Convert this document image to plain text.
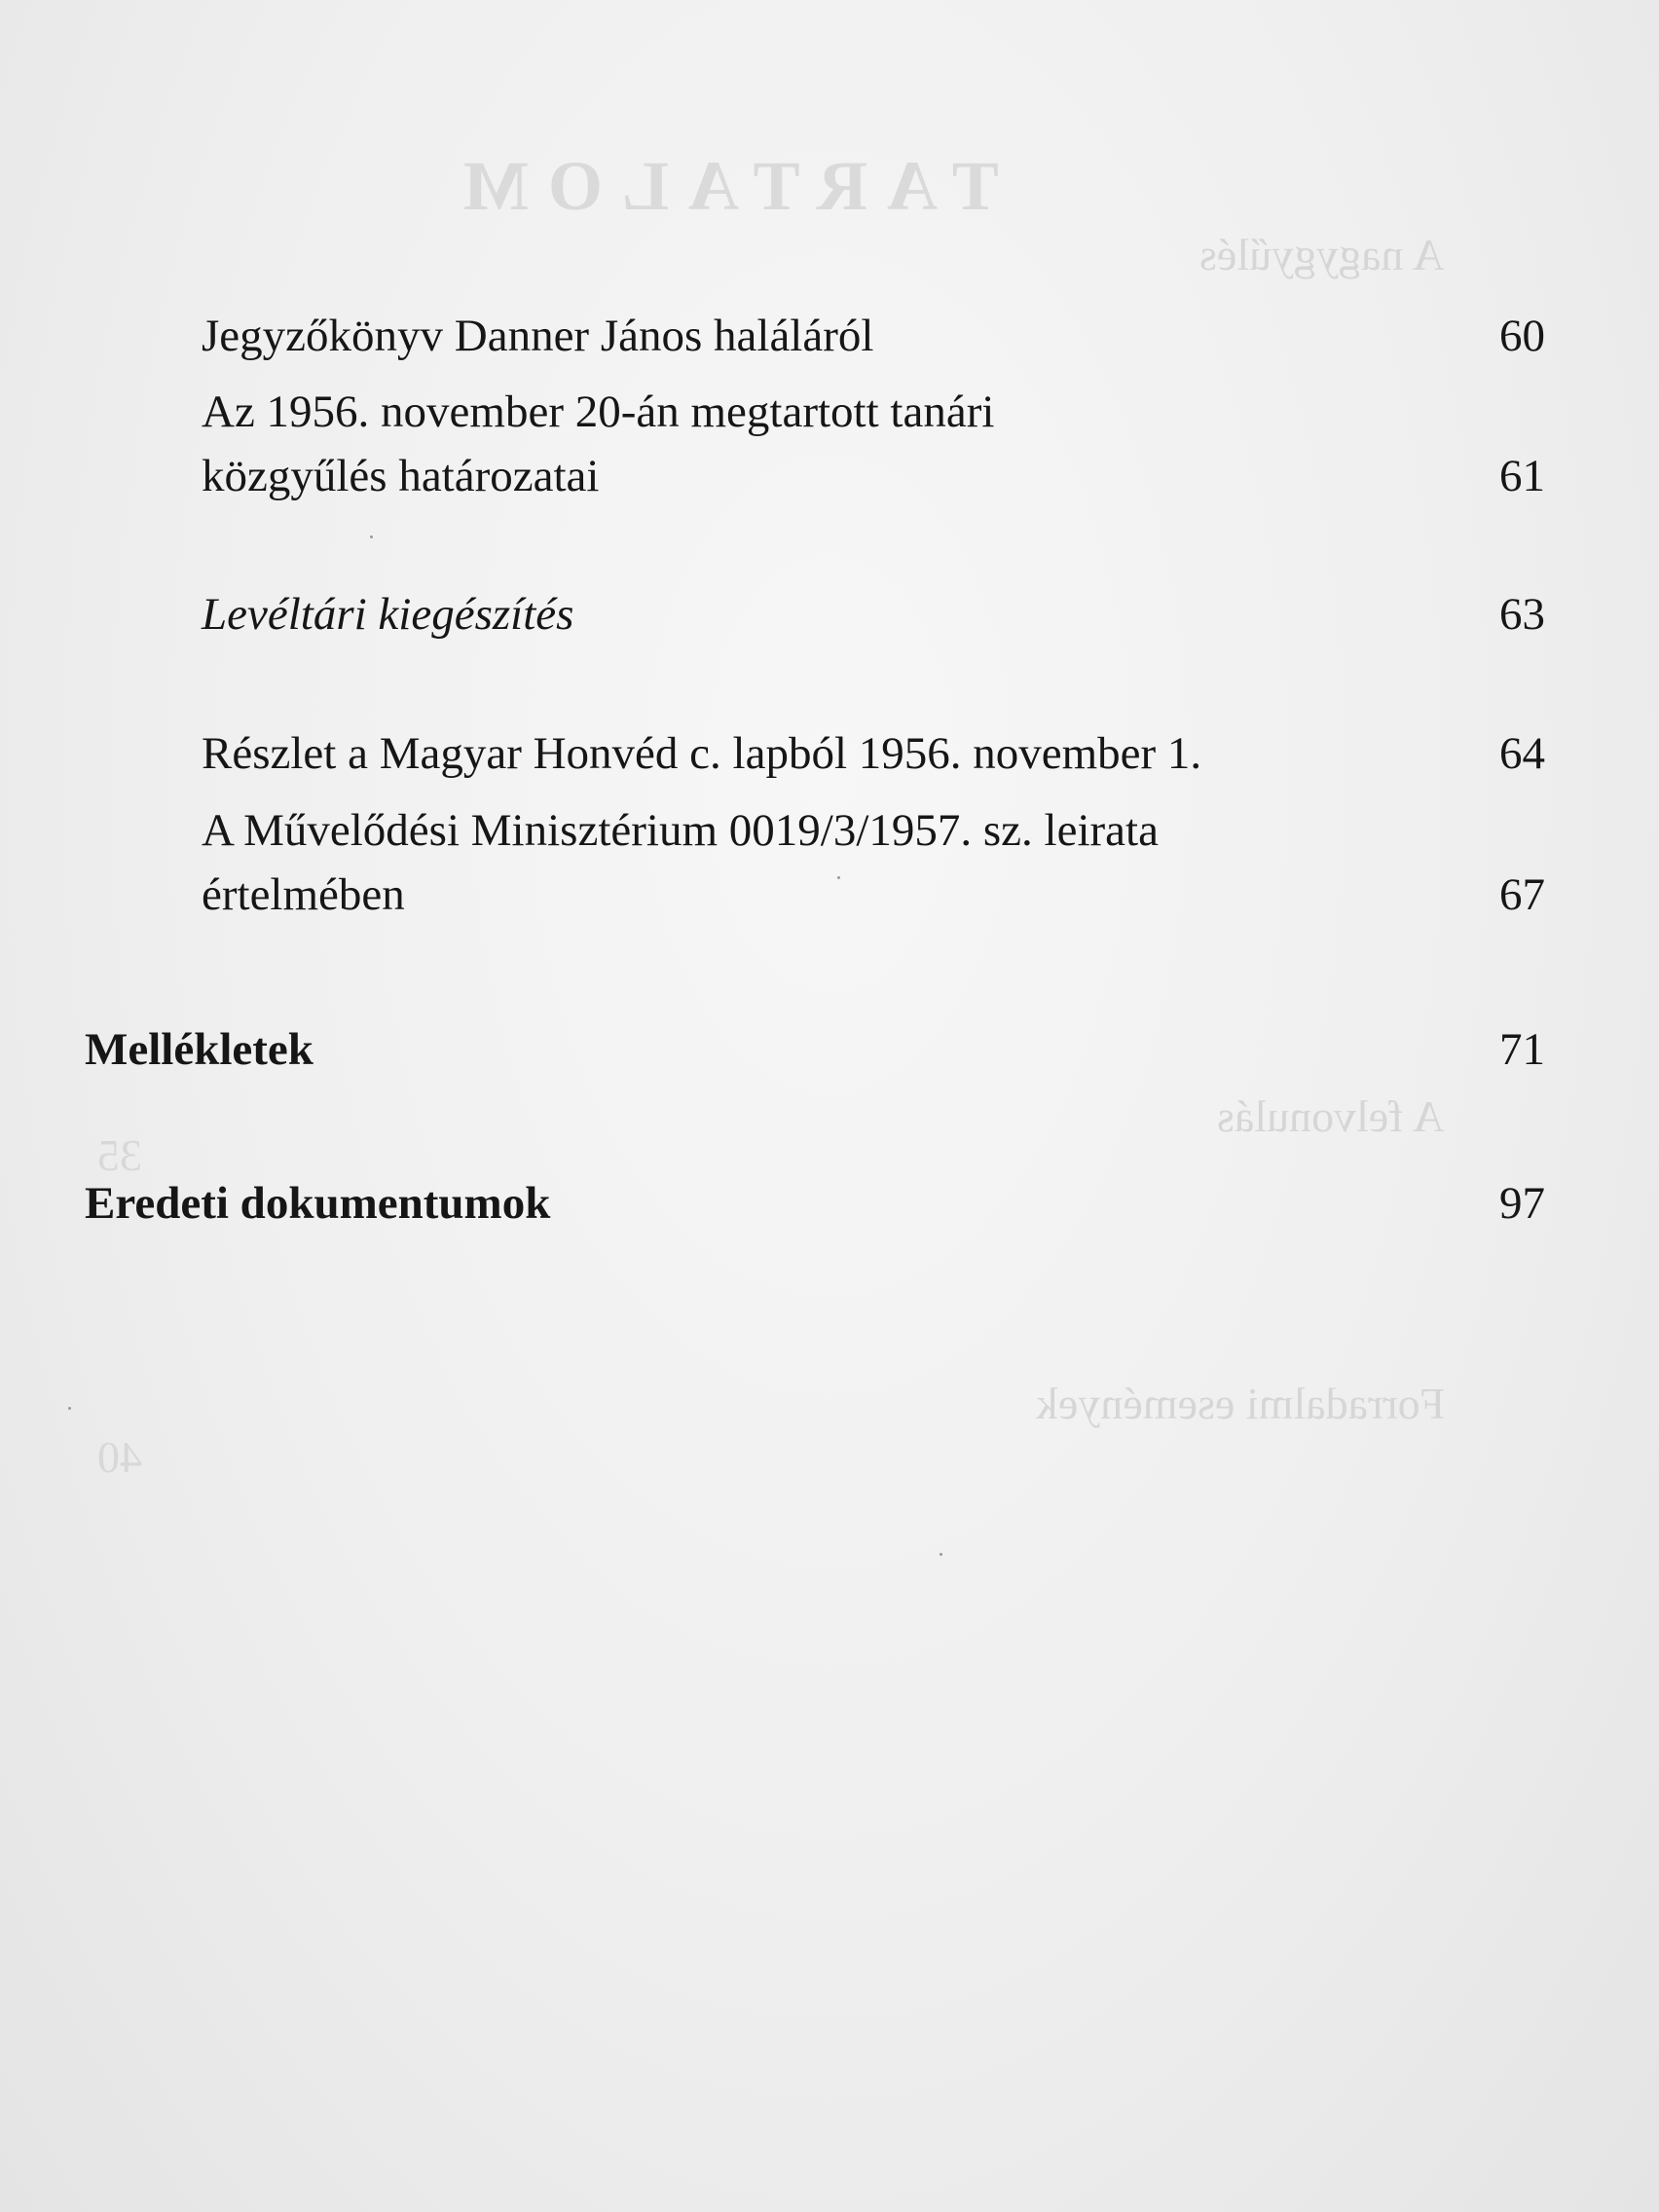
TARTALOM
A nagygyűlés
A felvonulás
Forradalmi események
35
40
Jegyzőkönyv Danner János haláláról	60
Az 1956. november 20-án megtartott tanári
közgyűlés határozatai	61
Levéltári kiegészítés	63
Részlet a Magyar Honvéd c. lapból 1956. november 1.	64
A Művelődési Minisztérium 0019/3/1957. sz. leirata
értelmében	67
Mellékletek	71
Eredeti dokumentumok	97
